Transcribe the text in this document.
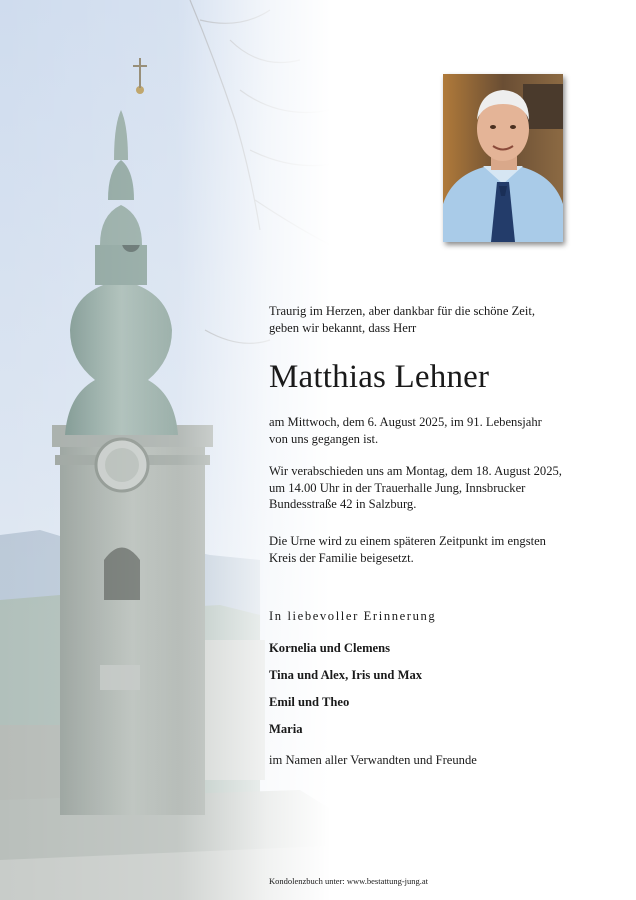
Traurig im Herzen, aber dankbar für die schöne Zeit,

geben wir bekannt, dass Herr

Matthias Lehner

am Mittwoch, dem 6. August 2025, im 91. Lebensjahr

von uns gegangen ist.

Wir verabschieden uns am Montag, dem 18. August 2025,

um 14.00 Uhr in der Trauerhalle Jung, Innsbrucker

Bundesstraße 42 in Salzburg.

Die Urne wird zu einem späteren Zeitpunkt im engsten

Kreis der Familie beigesetzt.

In liebevoller Erinnerung

Kornelia und Clemens

Tina und Alex, Iris und Max

Emil und Theo

Maria

im Namen aller Verwandten und Freunde

Kondolenzbuch unter: www.bestattung-jung.at
